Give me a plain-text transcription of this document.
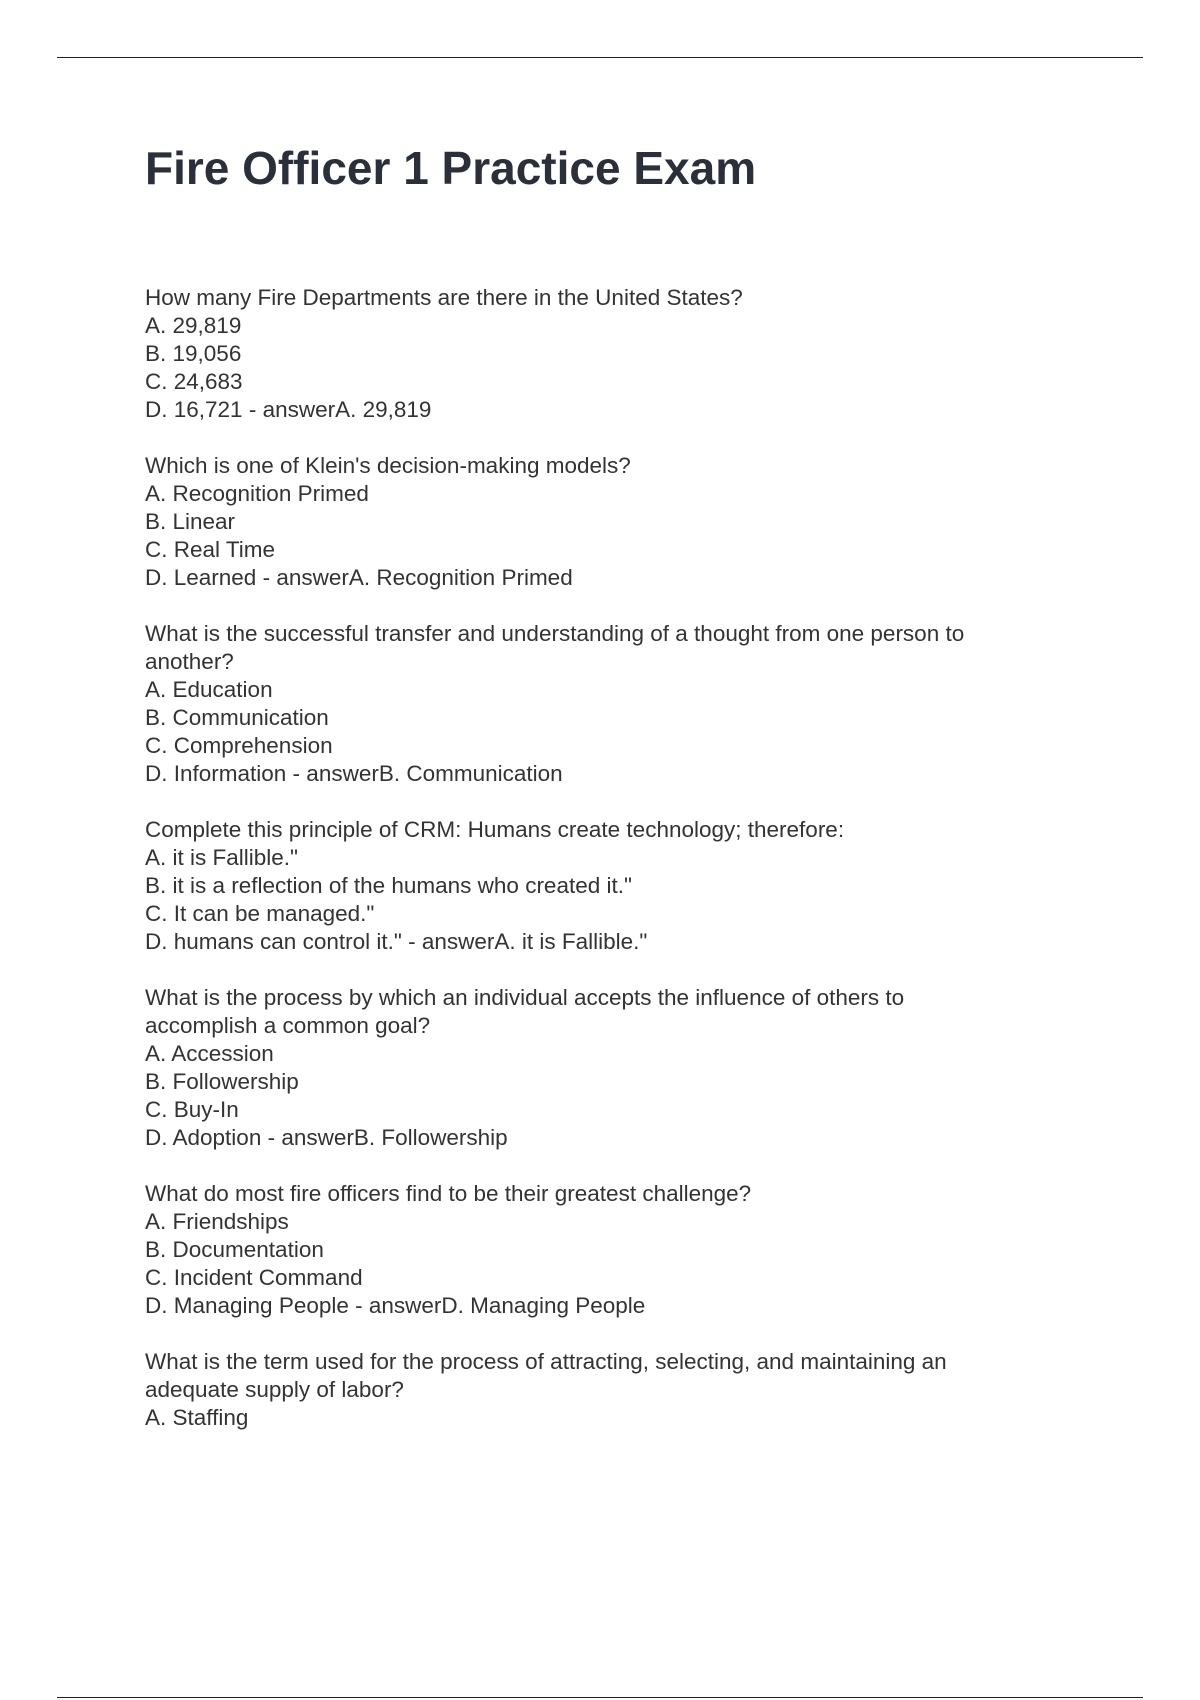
Fire Officer 1 Practice Exam
How many Fire Departments are there in the United States?
A. 29,819
B. 19,056
C. 24,683
D. 16,721 - answerA. 29,819
Which is one of Klein's decision-making models?
A. Recognition Primed
B. Linear
C. Real Time
D. Learned - answerA. Recognition Primed
What is the successful transfer and understanding of a thought from one person to
another?
A. Education
B. Communication
C. Comprehension
D. Information - answerB. Communication
Complete this principle of CRM: Humans create technology; therefore:
A. it is Fallible."
B. it is a reflection of the humans who created it."
C. It can be managed."
D. humans can control it." - answerA. it is Fallible."
What is the process by which an individual accepts the influence of others to
accomplish a common goal?
A. Accession
B. Followership
C. Buy-In
D. Adoption - answerB. Followership
What do most fire officers find to be their greatest challenge?
A. Friendships
B. Documentation
C. Incident Command
D. Managing People - answerD. Managing People
What is the term used for the process of attracting, selecting, and maintaining an
adequate supply of labor?
A. Staffing
